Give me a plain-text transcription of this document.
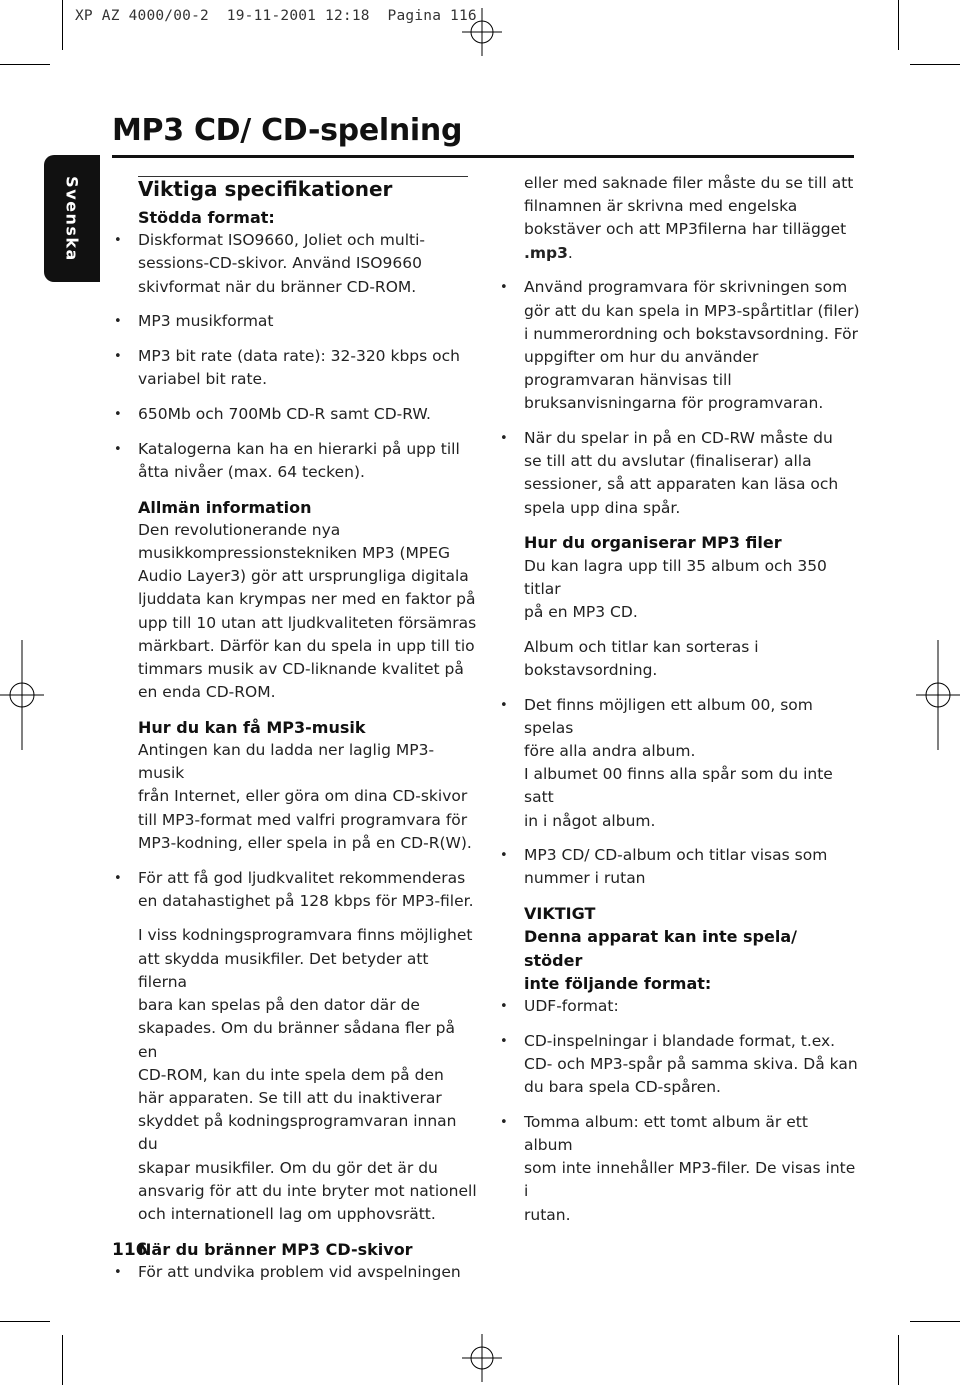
XP AZ 4000/00-2  19-11-2001 12:18  Pagina 116
MP3 CD/ CD-spelning
Svenska	Viktiga specifikationer
Stödda format:
• Diskformat ISO9660, Joliet och multi-
sessions-CD-skivor. Använd ISO9660
skivformat när du bränner CD-ROM.
• MP3 musikformat
• MP3 bit rate (data rate): 32-320 kbps och
variabel bit rate.
• 650Mb och 700Mb CD-R samt CD-RW.
• Katalogerna kan ha en hierarki på upp till
åtta nivåer (max. 64 tecken).
Allmän information

Den revolutionerande nya
musikkompressionstekniken MP3 (MPEG
Audio Layer3) gör att ursprungliga digitala
ljuddata kan krympas ner med en faktor på
upp till 10 utan att ljudkvaliteten försämras
märkbart. Därför kan du spela in upp till tio
timmars musik av CD-liknande kvalitet på
en enda CD-ROM.

Hur du kan få MP3-musik

Antingen kan du ladda ner laglig MP3-musik
från Internet, eller göra om dina CD-skivor
till MP3-format med valfri programvara för
MP3-kodning, eller spela in på en CD-R(W).

• För att få god ljudkvalitet rekommenderas
en datahastighet på 128 kbps för MP3-filer.

I viss kodningsprogramvara finns möjlighet
att skydda musikfiler. Det betyder att filerna
bara kan spelas på den dator där de
skapades. Om du bränner sådana fler på en
CD-ROM, kan du inte spela dem på den
här apparaten. Se till att du inaktiverar
skyddet på kodningsprogramvaran innan du
skapar musikfiler. Om du gör det är du
ansvarig för att du inte bryter mot nationell
och internationell lag om upphovsrätt.

När du bränner MP3 CD-skivor
• För att undvika problem vid avspelningen

eller med saknade filer måste du se till att
filnamnen är skrivna med engelska
bokstäver och att MP3filerna har tillägget
.mp3.

• Använd programvara för skrivningen som
gör att du kan spela in MP3-spårtitlar (filer)
i nummerordning och bokstavsordning. För
uppgifter om hur du använder
programvaran hänvisas till
bruksanvisningarna för programvaran.
• När du spelar in på en CD-RW måste du
se till att du avslutar (finaliserar) alla
sessioner, så att apparaten kan läsa och
spela upp dina spår.
Hur du organiserar MP3 filer

Du kan lagra upp till 35 album och 350 titlar
på en MP3 CD.

Album och titlar kan sorteras i
bokstavsordning.

• Det finns möjligen ett album 00, som spelas
före alla andra album.
I albumet 00 finns alla spår som du inte satt
in i något album.
• MP3 CD/ CD-album och titlar visas som
nummer i rutan
VIKTIGT
Denna apparat kan inte spela/ stöder
inte följande format:
• UDF-format:
• CD-inspelningar i blandade format, t.ex.
CD- och MP3-spår på samma skiva. Då kan
du bara spela CD-spåren.
• Tomma album: ett tomt album är ett album
som inte innehåller MP3-filer. De visas inte i
rutan.
116
